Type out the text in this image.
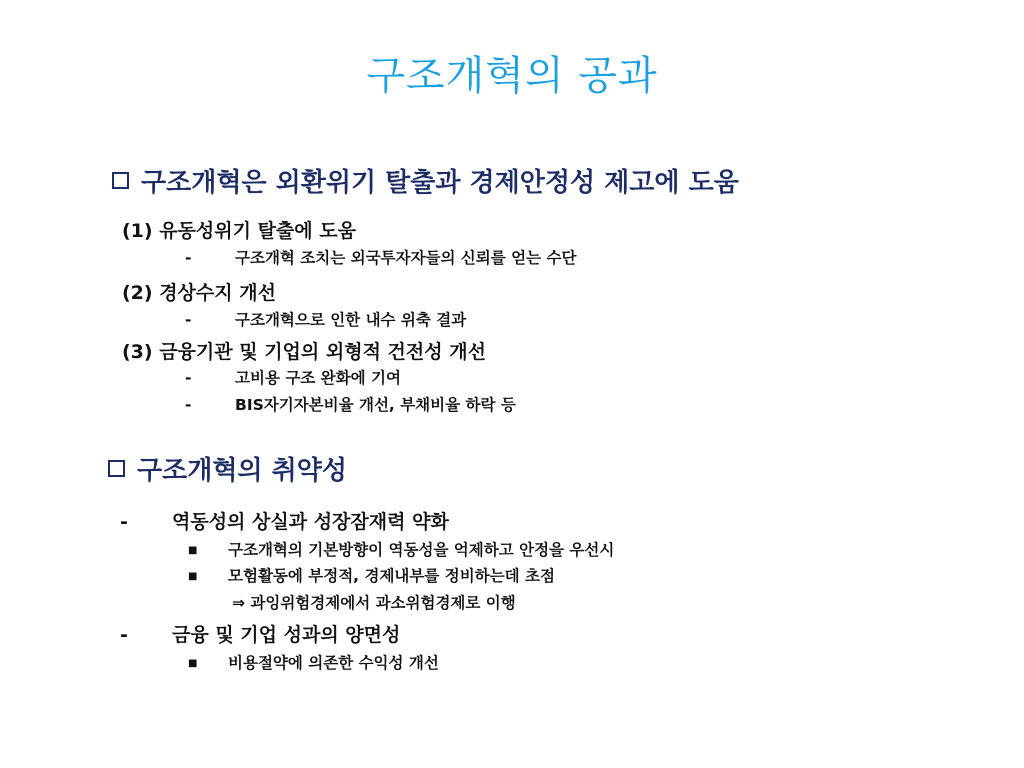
구조개혁의 공과
구조개혁은 외환위기 탈출과 경제안정성 제고에 도움
(1) 유동성위기 탈출에 도움
-	구조개혁 조치는 외국투자자들의 신뢰를 얻는 수단
(2) 경상수지 개선
-	구조개혁으로 인한 내수 위축 결과
(3) 금융기관 및 기업의 외형적 건전성 개선
-	고비용 구조 완화에 기여
-	BIS자기자본비율 개선, 부채비율 하락 등
구조개혁의 취약성
- 역동성의 상실과 성장잠재력 약화
■ 구조개혁의 기본방향이 역동성을 억제하고 안정을 우선시
■ 모험활동에 부정적, 경제내부를 정비하는데 초점
⇒ 과잉위험경제에서 과소위험경제로 이행
- 금융 및 기업 성과의 양면성
■ 비용절약에 의존한 수익성 개선
